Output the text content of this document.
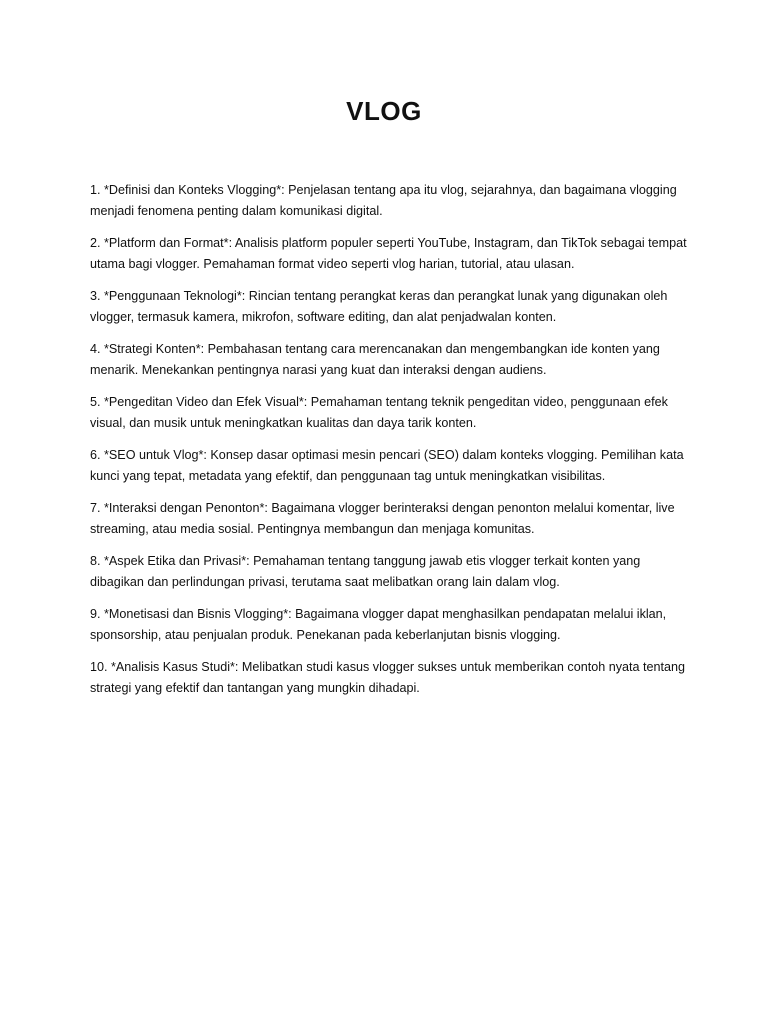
VLOG
1. *Definisi dan Konteks Vlogging*: Penjelasan tentang apa itu vlog, sejarahnya, dan bagaimana vlogging menjadi fenomena penting dalam komunikasi digital.
2. *Platform dan Format*: Analisis platform populer seperti YouTube, Instagram, dan TikTok sebagai tempat utama bagi vlogger. Pemahaman format video seperti vlog harian, tutorial, atau ulasan.
3. *Penggunaan Teknologi*: Rincian tentang perangkat keras dan perangkat lunak yang digunakan oleh vlogger, termasuk kamera, mikrofon, software editing, dan alat penjadwalan konten.
4. *Strategi Konten*: Pembahasan tentang cara merencanakan dan mengembangkan ide konten yang menarik. Menekankan pentingnya narasi yang kuat dan interaksi dengan audiens.
5. *Pengeditan Video dan Efek Visual*: Pemahaman tentang teknik pengeditan video, penggunaan efek visual, dan musik untuk meningkatkan kualitas dan daya tarik konten.
6. *SEO untuk Vlog*: Konsep dasar optimasi mesin pencari (SEO) dalam konteks vlogging. Pemilihan kata kunci yang tepat, metadata yang efektif, dan penggunaan tag untuk meningkatkan visibilitas.
7. *Interaksi dengan Penonton*: Bagaimana vlogger berinteraksi dengan penonton melalui komentar, live streaming, atau media sosial. Pentingnya membangun dan menjaga komunitas.
8. *Aspek Etika dan Privasi*: Pemahaman tentang tanggung jawab etis vlogger terkait konten yang dibagikan dan perlindungan privasi, terutama saat melibatkan orang lain dalam vlog.
9. *Monetisasi dan Bisnis Vlogging*: Bagaimana vlogger dapat menghasilkan pendapatan melalui iklan, sponsorship, atau penjualan produk. Penekanan pada keberlanjutan bisnis vlogging.
10. *Analisis Kasus Studi*: Melibatkan studi kasus vlogger sukses untuk memberikan contoh nyata tentang strategi yang efektif dan tantangan yang mungkin dihadapi.
